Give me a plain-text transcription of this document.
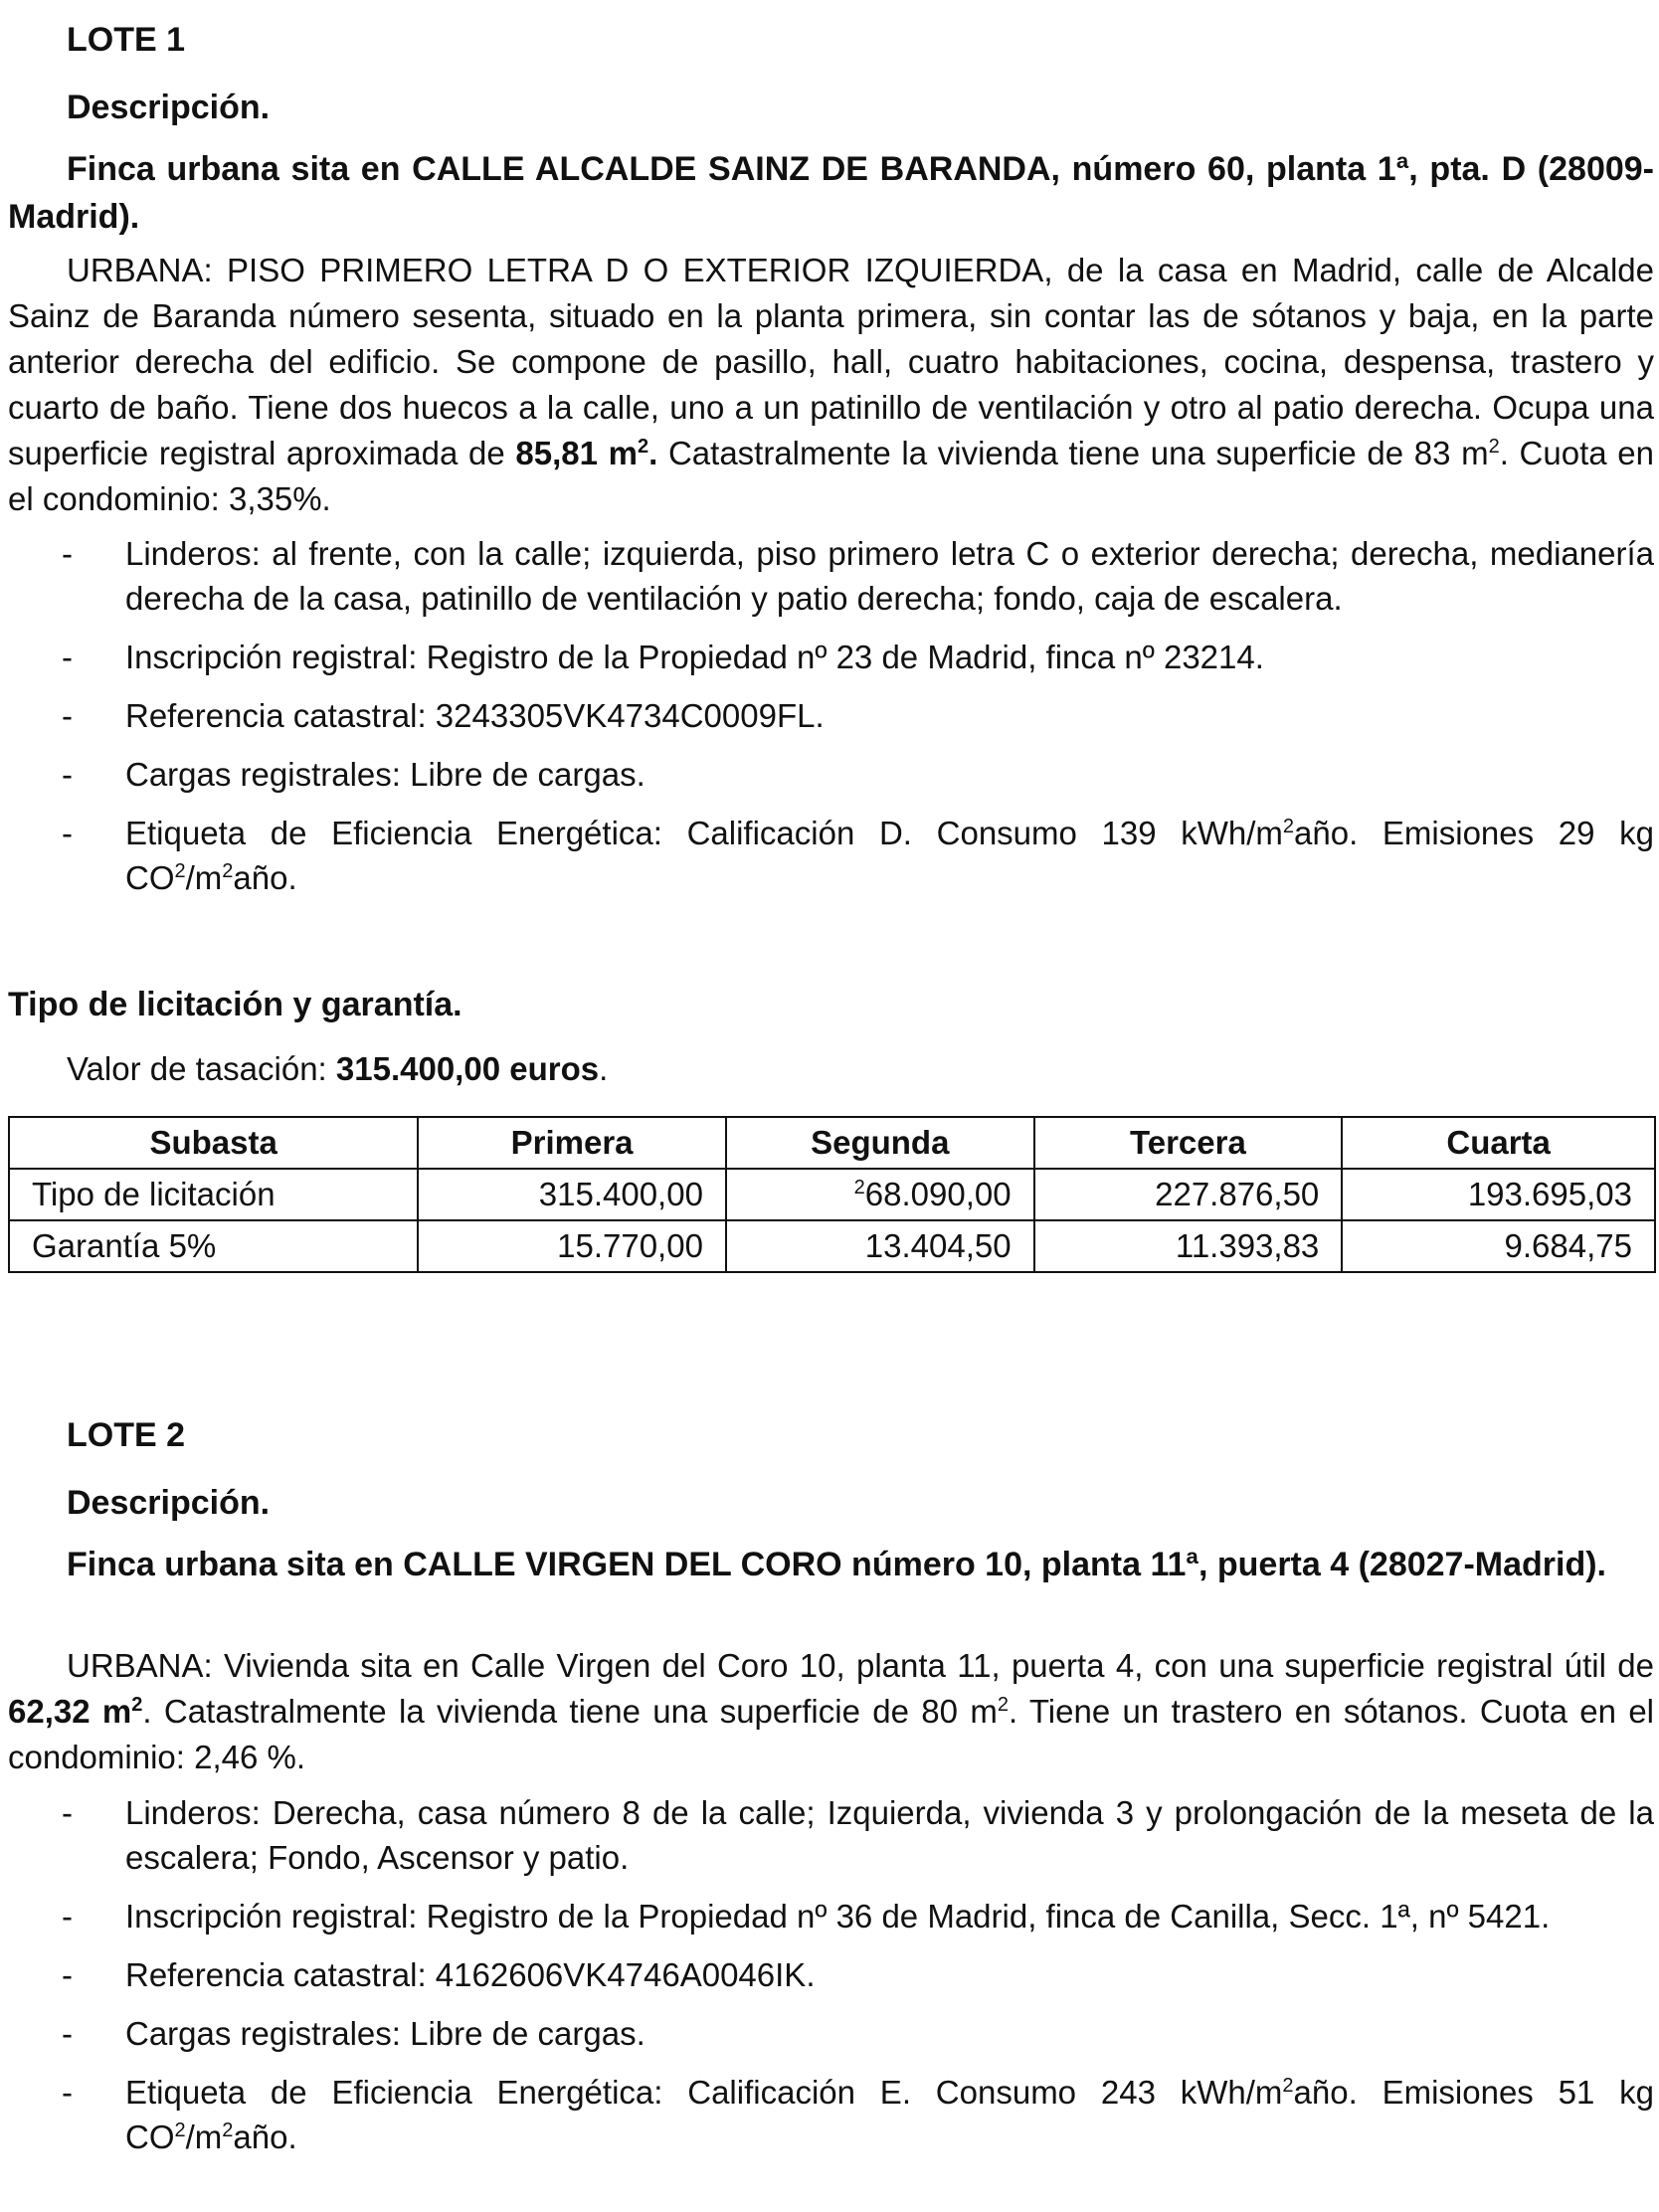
LOTE 1
Descripción.
Finca urbana sita en CALLE ALCALDE SAINZ DE BARANDA, número 60, planta 1ª, pta. D (28009-Madrid).
URBANA: PISO PRIMERO LETRA D O EXTERIOR IZQUIERDA, de la casa en Madrid, calle de Alcalde Sainz de Baranda número sesenta, situado en la planta primera, sin contar las de sótanos y baja, en la parte anterior derecha del edificio. Se compone de pasillo, hall, cuatro habitaciones, cocina, despensa, trastero y cuarto de baño. Tiene dos huecos a la calle, uno a un patinillo de ventilación y otro al patio derecha. Ocupa una superficie registral aproximada de 85,81 $m^2$. Catastralmente la vivienda tiene una superficie de 83 $m^2$. Cuota en el condominio: 3,35%.
- Linderos: al frente, con la calle; izquierda, piso primero letra C o exterior derecha; derecha, medianería derecha de la casa, patinillo de ventilación y patio derecha; fondo, caja de escalera.
- Inscripción registral: Registro de la Propiedad nº 23 de Madrid, finca nº 23214.
- Referencia catastral: 3243305VK4734C0009FL.
- Cargas registrales: Libre de cargas.
- Etiqueta de Eficiencia Energética: Calificación D. Consumo 139 kWh/$m^2año$. Emisiones 29 kg $CO^2/m^2año$.
Tipo de licitación y garantía.
Valor de tasación: 315.400,00 euros.
Subasta	Primera	Segunda	Tercera	Cuarta
Tipo de licitación	315.400,00	$^2$68.090,00	227.876,50	193.695,03
Garantía 5%	15.770,00	13.404,50	11.393,83	9.684,75
LOTE 2
Descripción.
Finca urbana sita en CALLE VIRGEN DEL CORO número 10, planta 11ª, puerta 4 (28027-Madrid).
URBANA: Vivienda sita en Calle Virgen del Coro 10, planta 11, puerta 4, con una superficie registral útil de 62,32 $m^2$. Catastralmente la vivienda tiene una superficie de 80 $m^2$. Tiene un trastero en sótanos. Cuota en el condominio: 2,46 %.
- Linderos: Derecha, casa número 8 de la calle; Izquierda, vivienda 3 y prolongación de la meseta de la escalera; Fondo, Ascensor y patio.
- Inscripción registral: Registro de la Propiedad nº 36 de Madrid, finca de Canilla, Secc. 1ª, nº 5421.
- Referencia catastral: 4162606VK4746A0046IK.
- Cargas registrales: Libre de cargas.
- Etiqueta de Eficiencia Energética: Calificación E. Consumo 243 kWh/$m^2año$. Emisiones 51 kg $CO^2/m^2año$.
